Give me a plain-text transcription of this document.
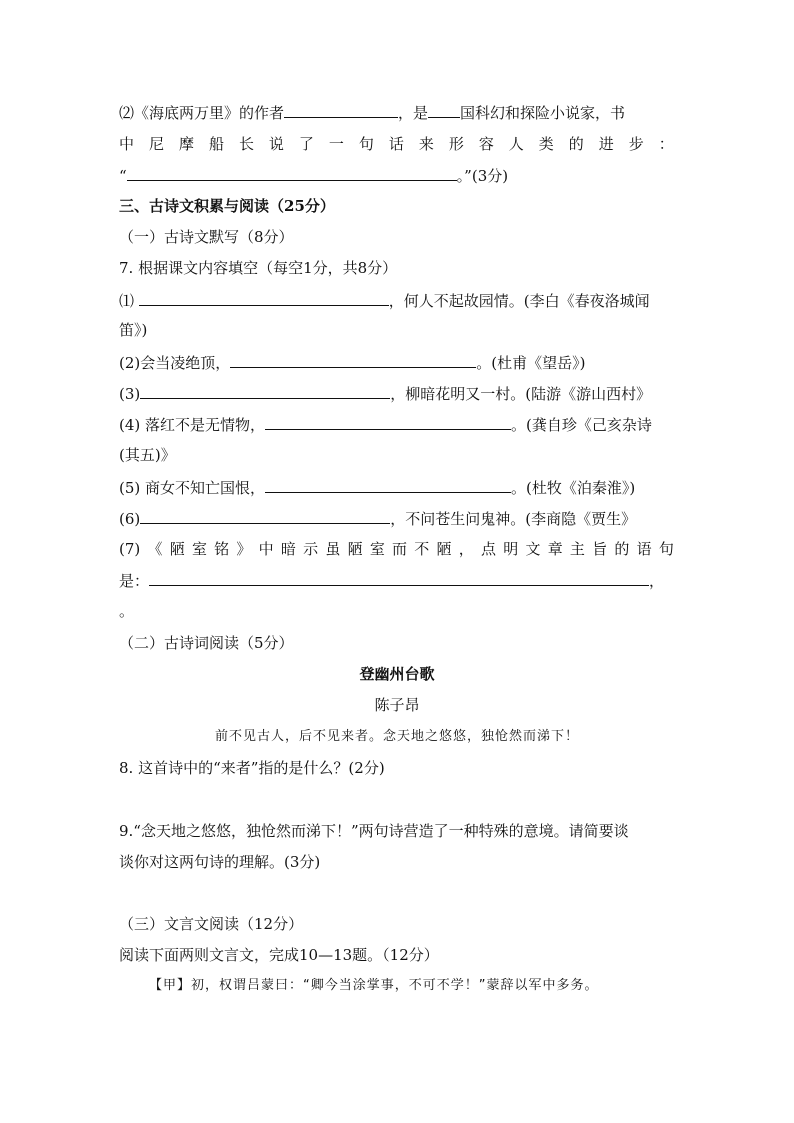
⑵《海底两万里》的作者	，是 国科幻和探险小说家，书
中 尼 摩 船 长 说 了 一 句 话 来 形 容 人 类 的 进 步 ：
“	。”(3分)
三、古诗文积累与阅读（25分）
（一）古诗文默写（8分）
7. 根据课文内容填空（每空1分，共8分）
⑴	，何人不起故园情。(李白《春夜洛城闻
笛》)
(2)会当凌绝顶，	。(杜甫《望岳》)
(3)	，柳暗花明又一村。(陆游《游山西村》
(4) 落红不是无情物，	。(龚自珍《己亥杂诗
(其五)》
(5) 商女不知亡国恨，	。(杜牧《泊秦淮》)
(6)	，不问苍生问鬼神。(李商隐《贾生》
(7) 《 陋 室 铭 》 中 暗 示 虽 陋 室 而 不 陋 ， 点 明 文 章 主 旨 的 语 句
是：	，
。
（二）古诗词阅读（5分）
登幽州台歌
陈子昂
前不见古人，后不见来者。念天地之悠悠，独怆然而涕下！
8. 这首诗中的“来者”指的是什么？(2分)
9.“念天地之悠悠，独怆然而涕下！”两句诗营造了一种特殊的意境。请简要谈
谈你对这两句诗的理解。(3分)
（三）文言文阅读（12分）
阅读下面两则文言文，完成10—13题。（12分）
【甲】初，权谓吕蒙曰：“卿今当涂掌事，不可不学！”蒙辞以军中多务。
